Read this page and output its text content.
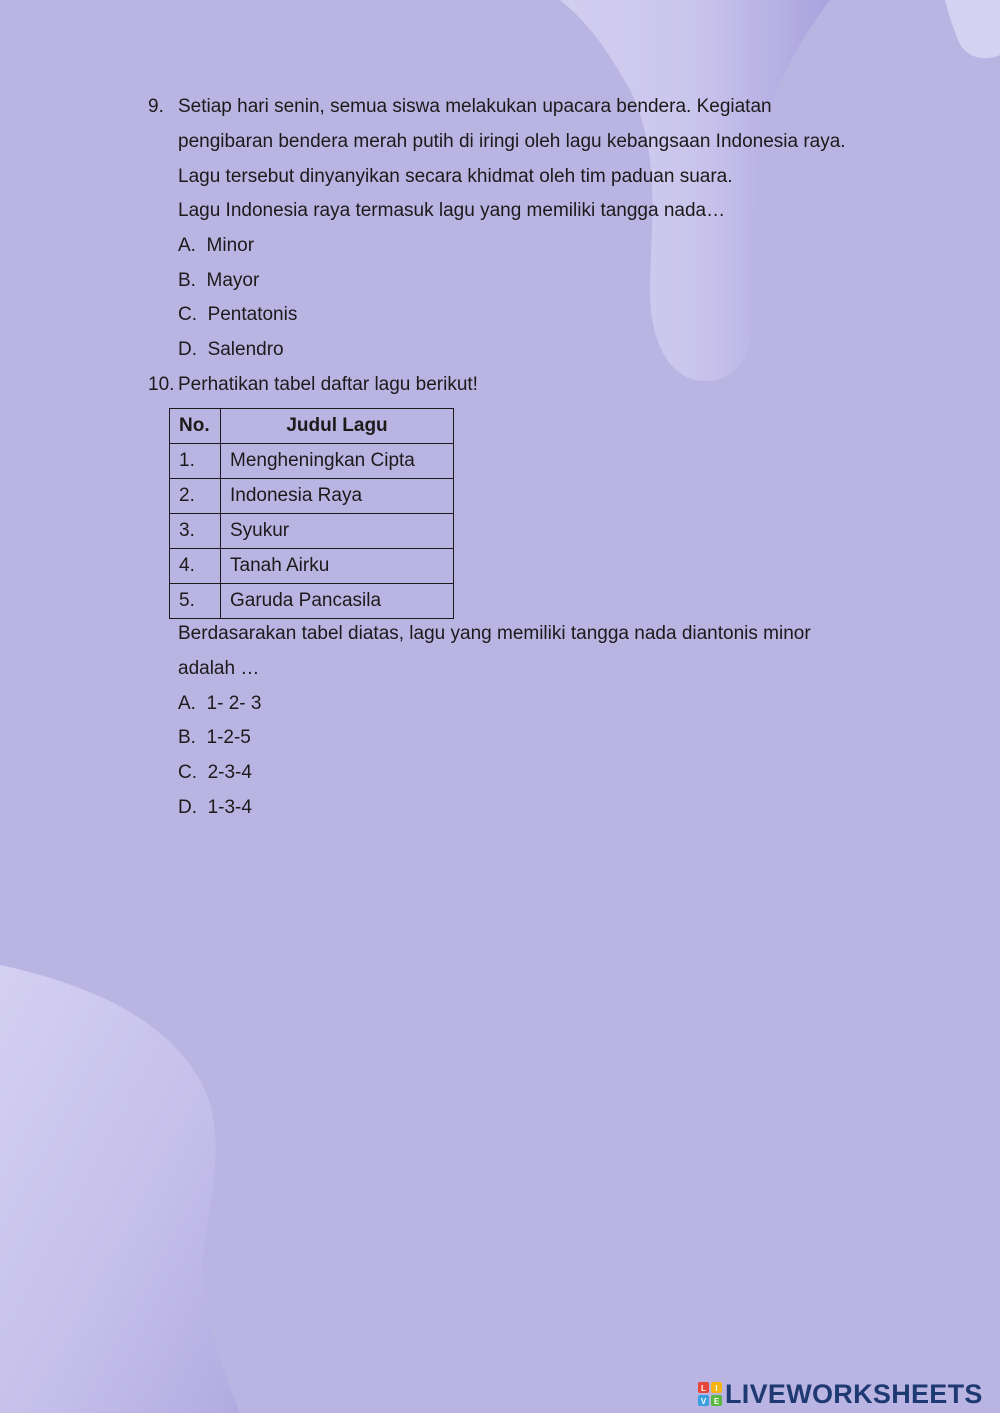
9. Setiap hari senin, semua siswa melakukan upacara bendera. Kegiatan
pengibaran bendera merah putih di iringi oleh lagu kebangsaan Indonesia raya.
Lagu tersebut dinyanyikan secara khidmat oleh tim paduan suara.
Lagu Indonesia raya termasuk lagu yang memiliki tangga nada…
A. Minor
B. Mayor
C. Pentatonis
D. Salendro
10. Perhatikan tabel daftar lagu berikut!
No.	Judul Lagu
1.	Mengheningkan Cipta
2.	Indonesia Raya
3.	Syukur
4.	Tanah Airku
5.	Garuda Pancasila
Berdasarakan tabel diatas, lagu yang memiliki tangga nada diantonis minor
adalah …
A. 1- 2- 3
B. 1-2-5
C. 2-3-4
D. 1-3-4
L I
V E LIVEWORKSHEETS
